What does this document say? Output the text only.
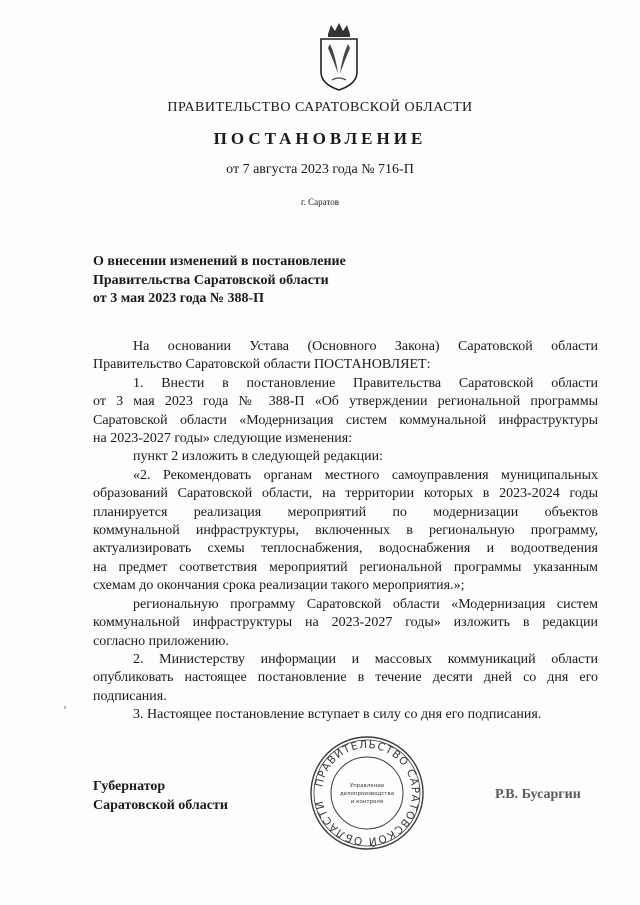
ПРАВИТЕЛЬСТВО САРАТОВСКОЙ ОБЛАСТИ
ПОСТАНОВЛЕНИЕ
от 7 августа 2023 года № 716-П
г. Саратов
О внесении изменений в постановление
Правительства Саратовской области
от 3 мая 2023 года № 388-П
На основании Устава (Основного Закона) Саратовской области
Правительство Саратовской области ПОСТАНОВЛЯЕТ:
1. Внести в постановление Правительства Саратовской области
от 3 мая 2023 года № 388-П «Об утверждении региональной программы
Саратовской области «Модернизация систем коммунальной инфраструктуры
на 2023-2027 годы» следующие изменения:
пункт 2 изложить в следующей редакции:
«2. Рекомендовать органам местного самоуправления муниципальных
образований Саратовской области, на территории которых в 2023-2024 годы
планируется реализация мероприятий по модернизации объектов
коммунальной инфраструктуры, включенных в региональную программу,
актуализировать схемы теплоснабжения, водоснабжения и водоотведения
на предмет соответствия мероприятий региональной программы указанным
схемам до окончания срока реализации такого мероприятия.»;
региональную программу Саратовской области «Модернизация систем
коммунальной инфраструктуры на 2023-2027 годы» изложить в редакции
согласно приложению.
2. Министерству информации и массовых коммуникаций области
опубликовать настоящее постановление в течение десяти дней со дня его
подписания.
3. Настоящее постановление вступает в силу со дня его подписания.
Губернатор
Саратовской области
ПРАВИТЕЛЬСТВО САРАТОВСКОЙ ОБЛАСТИ
Управление
делопроизводства
и контроля	Р.В. Бусаргин
